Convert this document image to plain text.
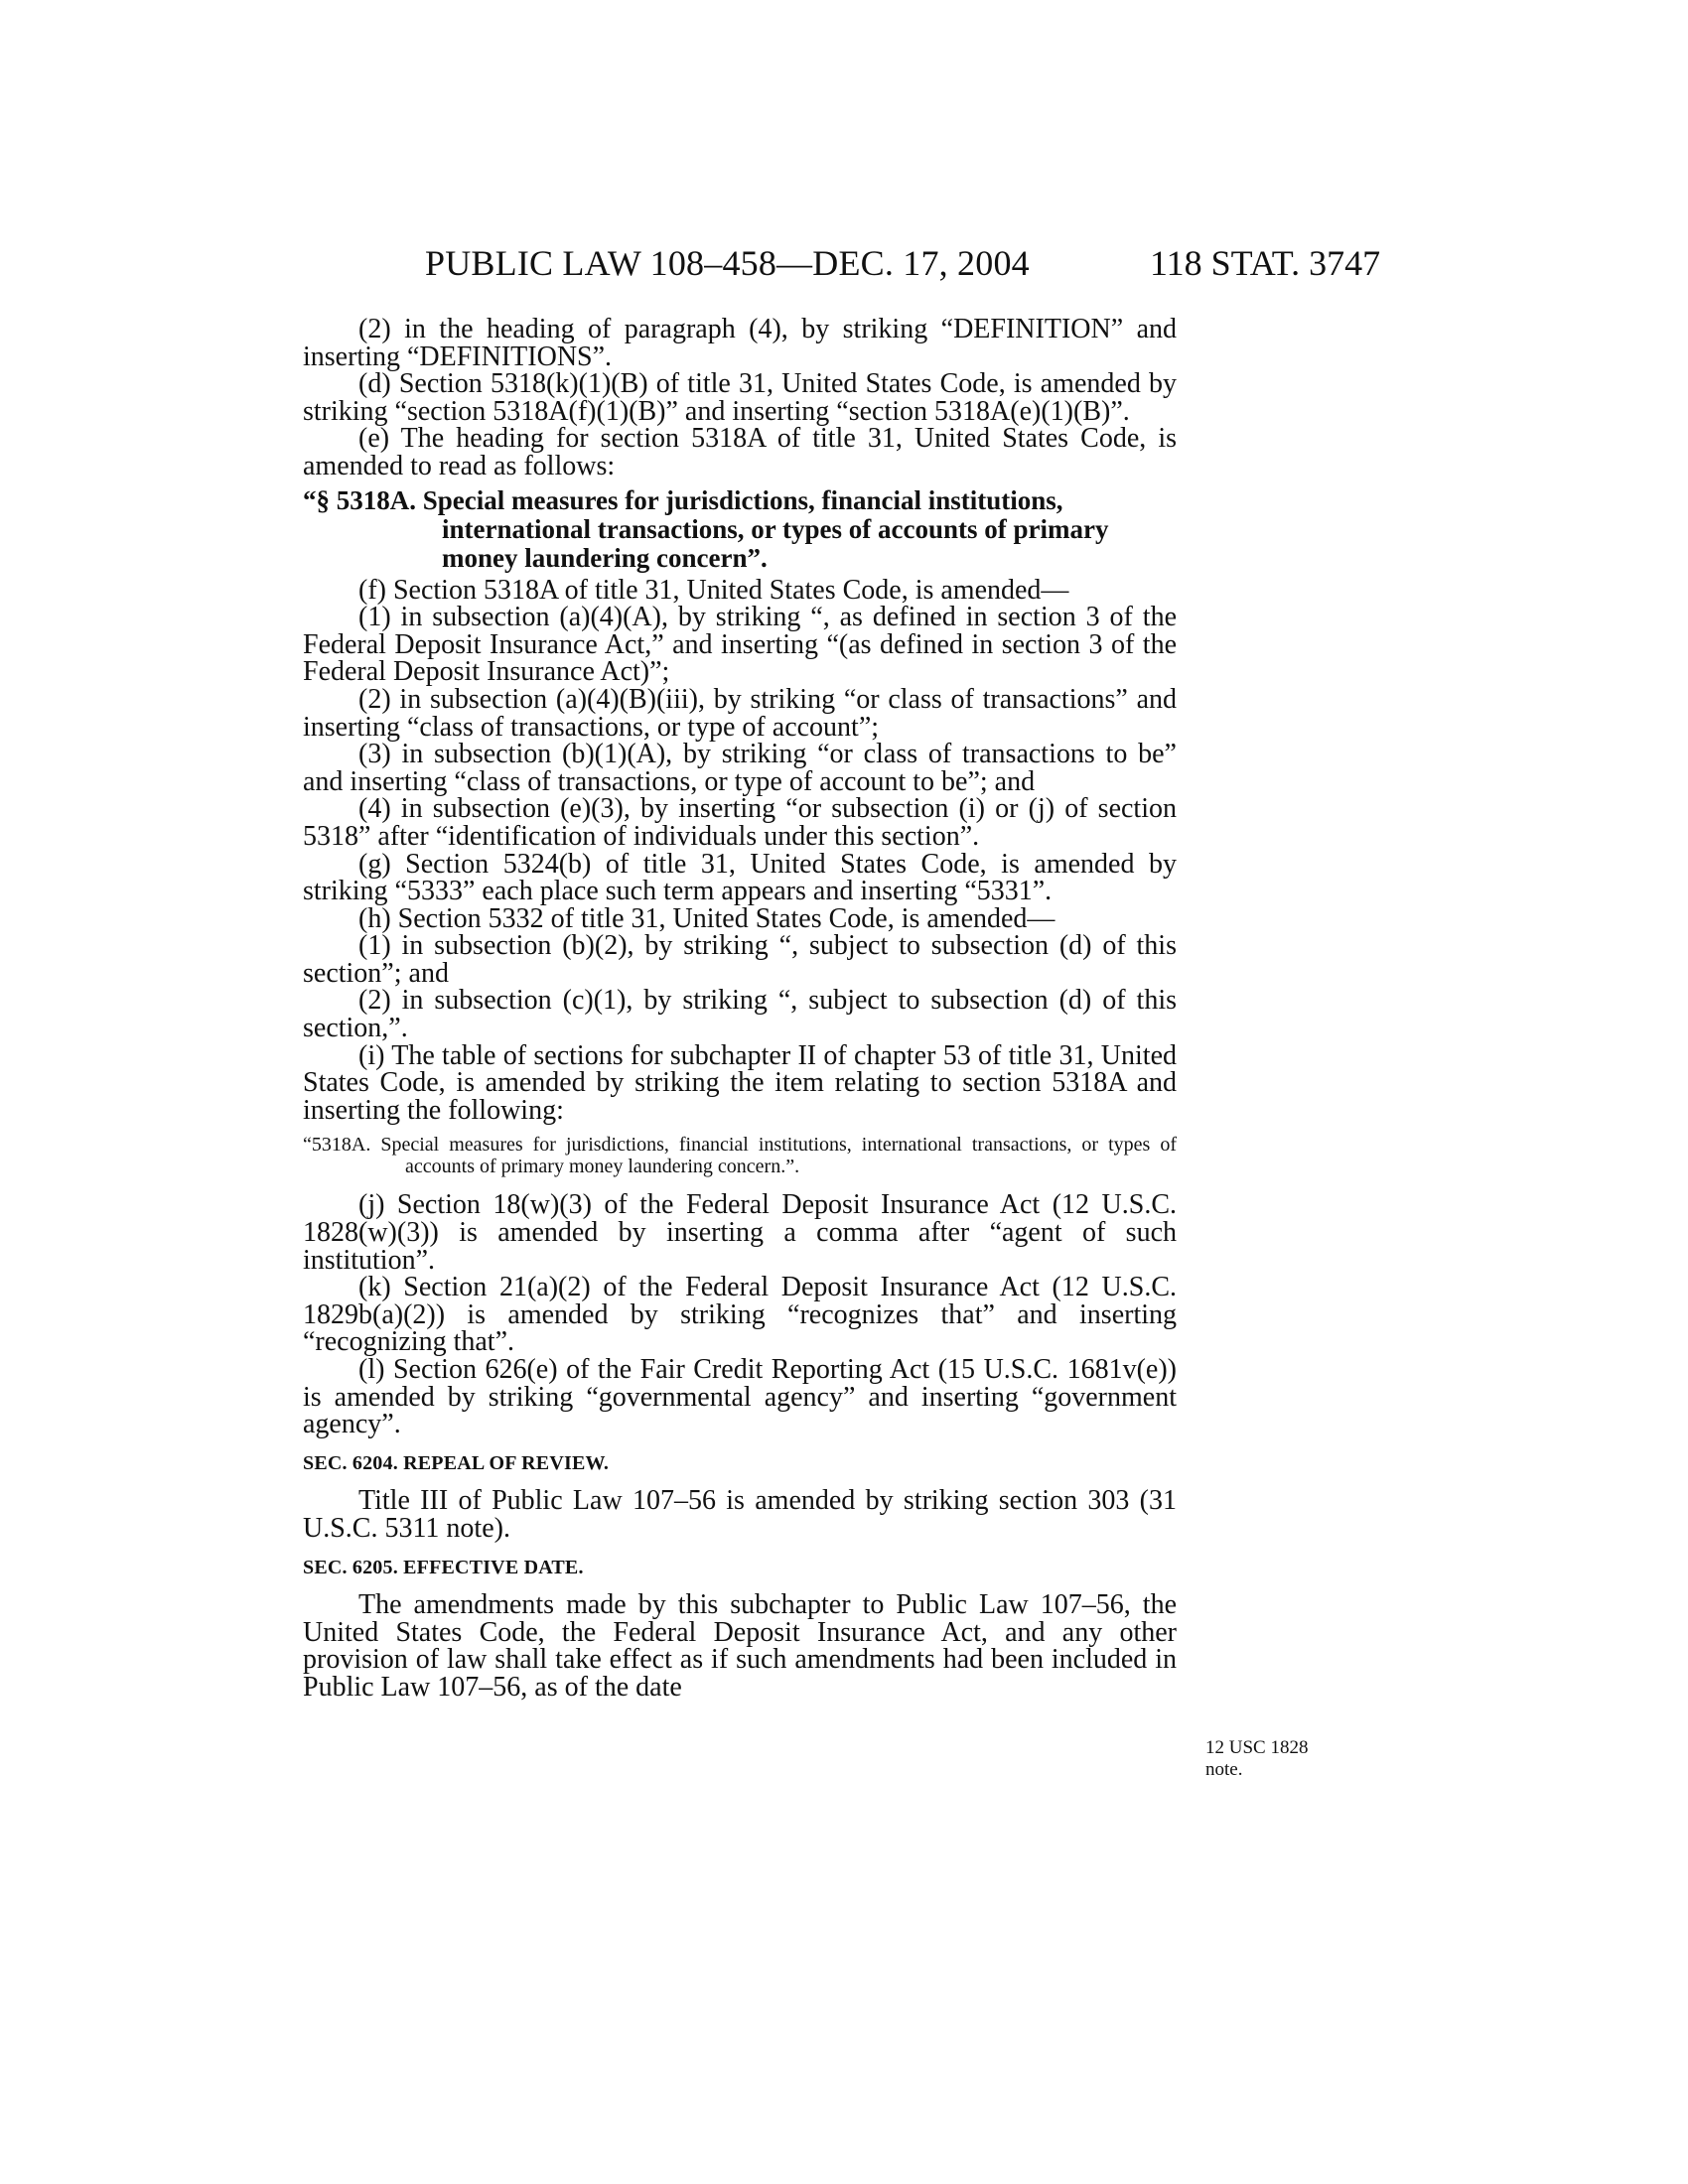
PUBLIC LAW 108–458—DEC. 17, 2004	118 STAT. 3747

(2) in the heading of paragraph (4), by striking “DEFINITION” and inserting “DEFINITIONS”.

(d) Section 5318(k)(1)(B) of title 31, United States Code, is amended by striking “section 5318A(f)(1)(B)” and inserting “section 5318A(e)(1)(B)”.

(e) The heading for section 5318A of title 31, United States Code, is amended to read as follows:

“§ 5318A. Special measures for jurisdictions, financial institutions, international transactions, or types of accounts of primary money laundering concern”.

(f) Section 5318A of title 31, United States Code, is amended—

(1) in subsection (a)(4)(A), by striking “, as defined in section 3 of the Federal Deposit Insurance Act,” and inserting “(as defined in section 3 of the Federal Deposit Insurance Act)”;

(2) in subsection (a)(4)(B)(iii), by striking “or class of transactions” and inserting “class of transactions, or type of account”;

(3) in subsection (b)(1)(A), by striking “or class of transactions to be” and inserting “class of transactions, or type of account to be”; and

(4) in subsection (e)(3), by inserting “or subsection (i) or (j) of section 5318” after “identification of individuals under this section”.

(g) Section 5324(b) of title 31, United States Code, is amended by striking “5333” each place such term appears and inserting “5331”.

(h) Section 5332 of title 31, United States Code, is amended—

(1) in subsection (b)(2), by striking “, subject to subsection (d) of this section”; and

(2) in subsection (c)(1), by striking “, subject to subsection (d) of this section,”.

(i) The table of sections for subchapter II of chapter 53 of title 31, United States Code, is amended by striking the item relating to section 5318A and inserting the following:

“5318A. Special measures for jurisdictions, financial institutions, international transactions, or types of accounts of primary money laundering concern.”.

(j) Section 18(w)(3) of the Federal Deposit Insurance Act (12 U.S.C. 1828(w)(3)) is amended by inserting a comma after “agent of such institution”.

(k) Section 21(a)(2) of the Federal Deposit Insurance Act (12 U.S.C. 1829b(a)(2)) is amended by striking “recognizes that” and inserting “recognizing that”.

(l) Section 626(e) of the Fair Credit Reporting Act (15 U.S.C. 1681v(e)) is amended by striking “governmental agency” and inserting “government agency”.

SEC. 6204. REPEAL OF REVIEW.

Title III of Public Law 107–56 is amended by striking section 303 (31 U.S.C. 5311 note).

SEC. 6205. EFFECTIVE DATE.

The amendments made by this subchapter to Public Law 107–56, the United States Code, the Federal Deposit Insurance Act, and any other provision of law shall take effect as if such amendments had been included in Public Law 107–56, as of the date

12 USC 1828 note.
